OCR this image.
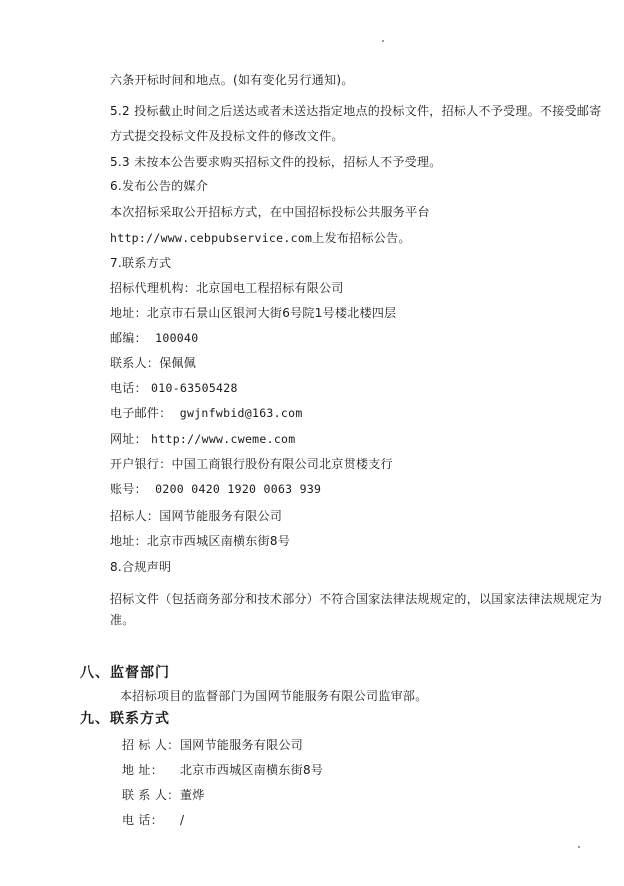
六条开标时间和地点。(如有变化另行通知)。
5.2 投标截止时间之后送达或者未送达指定地点的投标文件，招标人不予受理。不接受邮寄
方式提交投标文件及投标文件的修改文件。
5.3 未按本公告要求购买招标文件的投标，招标人不予受理。
6.发布公告的媒介
本次招标采取公开招标方式，在中国招标投标公共服务平台
http://www.cebpubservice.com上发布招标公告。
7.联系方式
招标代理机构：北京国电工程招标有限公司
地址：北京市石景山区银河大街6号院1号楼北楼四层
邮编： 100040
联系人：保佩佩
电话： 010-63505428
电子邮件： gwjnfwbid@163.com
网址： http://www.cweme.com
开户银行：中国工商银行股份有限公司北京贯楼支行
账号： 0200 0420 1920 0063 939
招标人：国网节能服务有限公司
地址：北京市西城区南横东街8号
8.合规声明
招标文件（包括商务部分和技术部分）不符合国家法律法规规定的，以国家法律法规规定为
准。
八、监督部门
本招标项目的监督部门为国网节能服务有限公司监审部。
九、联系方式
招 标 人：国网节能服务有限公司
地 址： 北京市西城区南横东街8号
联 系 人：董烨
电 话： /
